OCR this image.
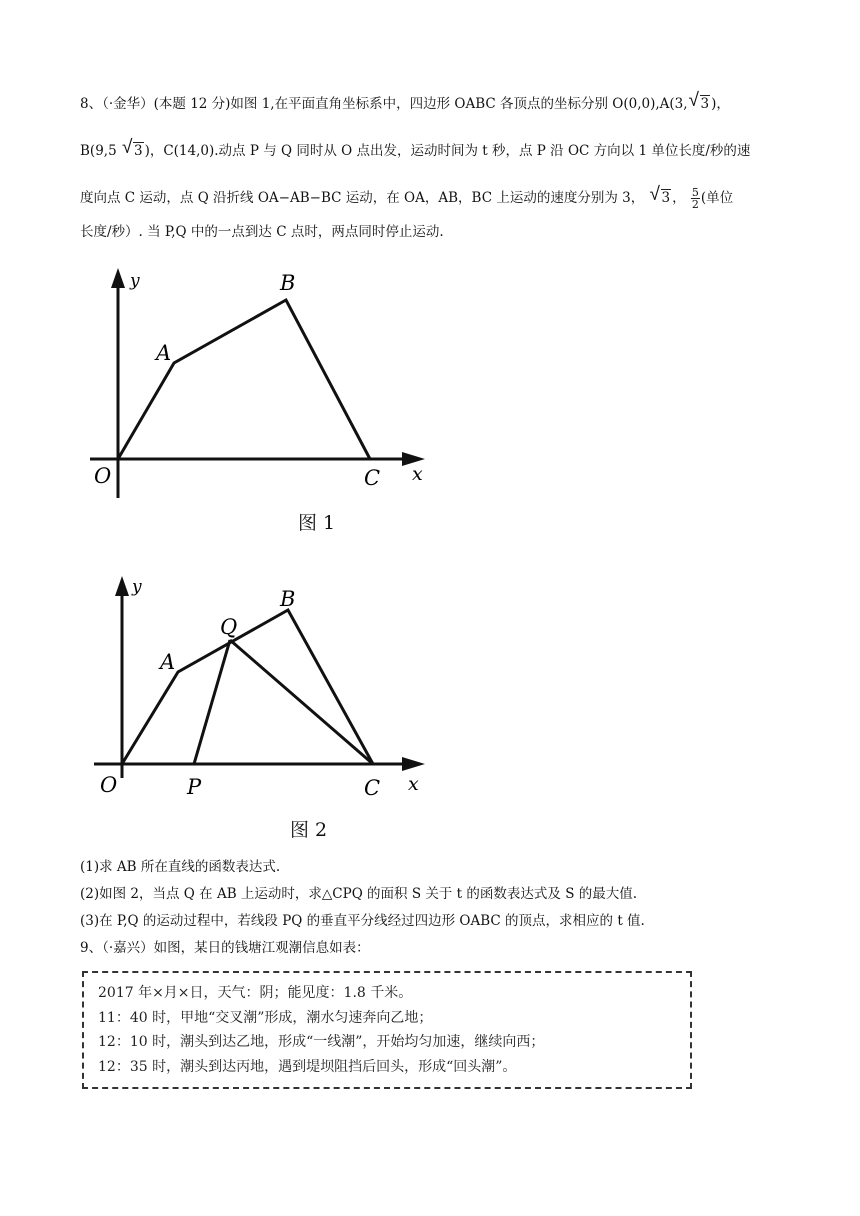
8、（·金华）(本题 12 分)如图 1,在平面直角坐标系中，四边形 OABC 各顶点的坐标分别 O(0,0),A(3, √ 3 )，
B(9,5 √ 3 )，C(14,0).动点 P 与 Q 同时从 O 点出发，运动时间为 t 秒，点 P 沿 OC 方向以 1 单位长度/秒的速
度向点 C 运动，点 Q 沿折线 OA−AB−BC 运动，在 OA，AB，BC 上运动的速度分别为 3， √ 3 ， $\frac{5}{2}$ (单位
长度/秒）. 当 P,Q 中的一点到达 C 点时，两点同时停止运动.
y
x
O
A
B
C
图 1
y
x
O
A
B
Q
P	C
图 2
(1)求 AB 所在直线的函数表达式.
(2)如图 2，当点 Q 在 AB 上运动时，求△CPQ 的面积 S 关于 t 的函数表达式及 S 的最大值.
(3)在 P,Q 的运动过程中，若线段 PQ 的垂直平分线经过四边形 OABC 的顶点，求相应的 t 值.
9、（·嘉兴）如图，某日的钱塘江观潮信息如表：
2017 年×月×日，天气：阴；能见度：1.8 千米。
11：40 时，甲地“交叉潮”形成，潮水匀速奔向乙地；
12：10 时，潮头到达乙地，形成“一线潮”，开始均匀加速，继续向西；
12：35 时，潮头到达丙地，遇到堤坝阻挡后回头，形成“回头潮”。
